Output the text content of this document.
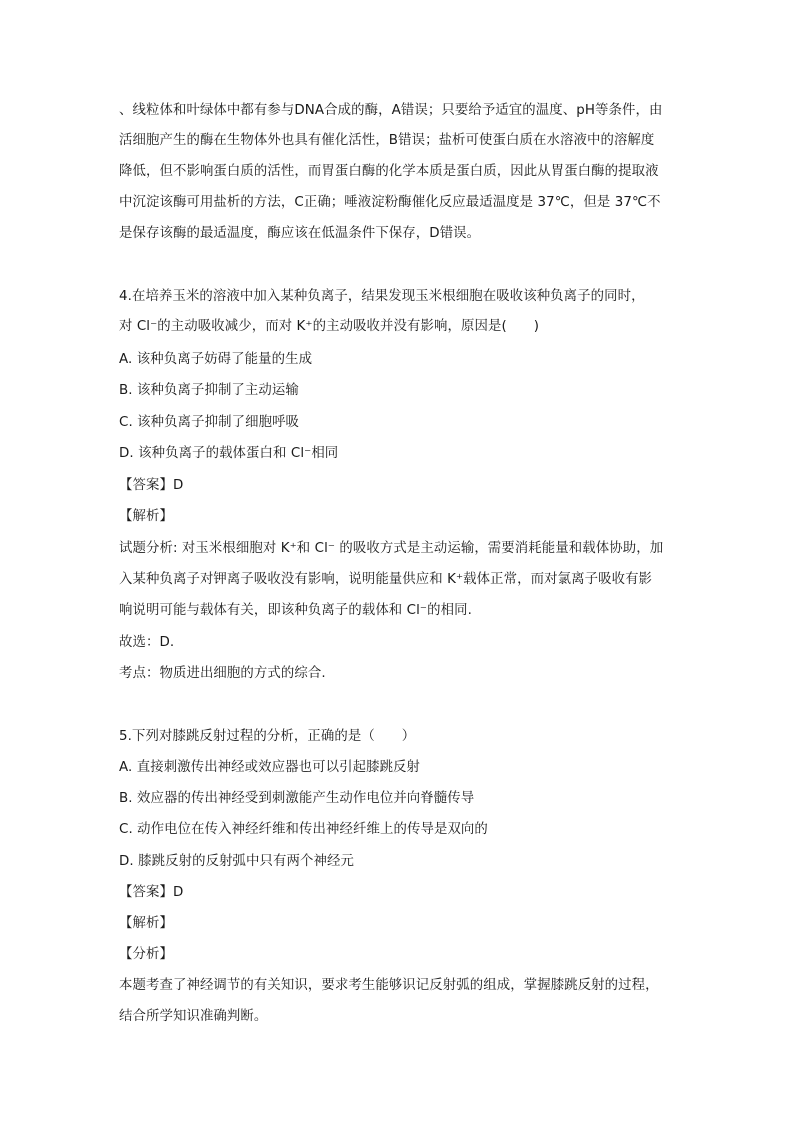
、线粒体和叶绿体中都有参与DNA合成的酶，A错误；只要给予适宜的温度、pH等条件，由
活细胞产生的酶在生物体外也具有催化活性，B错误；盐析可使蛋白质在水溶液中的溶解度
降低，但不影响蛋白质的活性，而胃蛋白酶的化学本质是蛋白质，因此从胃蛋白酶的提取液
中沉淀该酶可用盐析的方法，C正确；唾液淀粉酶催化反应最适温度是 37℃，但是 37℃不
是保存该酶的最适温度，酶应该在低温条件下保存，D错误。
4.在培养玉米的溶液中加入某种负离子，结果发现玉米根细胞在吸收该种负离子的同时，
对 Cl⁻的主动吸收减少，而对 K⁺的主动吸收并没有影响，原因是(　　)
A. 该种负离子妨碍了能量的生成
B. 该种负离子抑制了主动运输
C. 该种负离子抑制了细胞呼吸
D. 该种负离子的载体蛋白和 Cl⁻相同
【答案】D
【解析】
试题分析: 对玉米根细胞对 K⁺和 Cl⁻ 的吸收方式是主动运输，需要消耗能量和载体协助，加
入某种负离子对钾离子吸收没有影响，说明能量供应和 K⁺载体正常，而对氯离子吸收有影
响说明可能与载体有关，即该种负离子的载体和 Cl⁻的相同.
故选：D.
考点：物质进出细胞的方式的综合.
5.下列对膝跳反射过程的分析，正确的是（　　）
A. 直接刺激传出神经或效应器也可以引起膝跳反射
B. 效应器的传出神经受到刺激能产生动作电位并向脊髓传导
C. 动作电位在传入神经纤维和传出神经纤维上的传导是双向的
D. 膝跳反射的反射弧中只有两个神经元
【答案】D
【解析】
【分析】
本题考查了神经调节的有关知识，要求考生能够识记反射弧的组成，掌握膝跳反射的过程，
结合所学知识准确判断。
